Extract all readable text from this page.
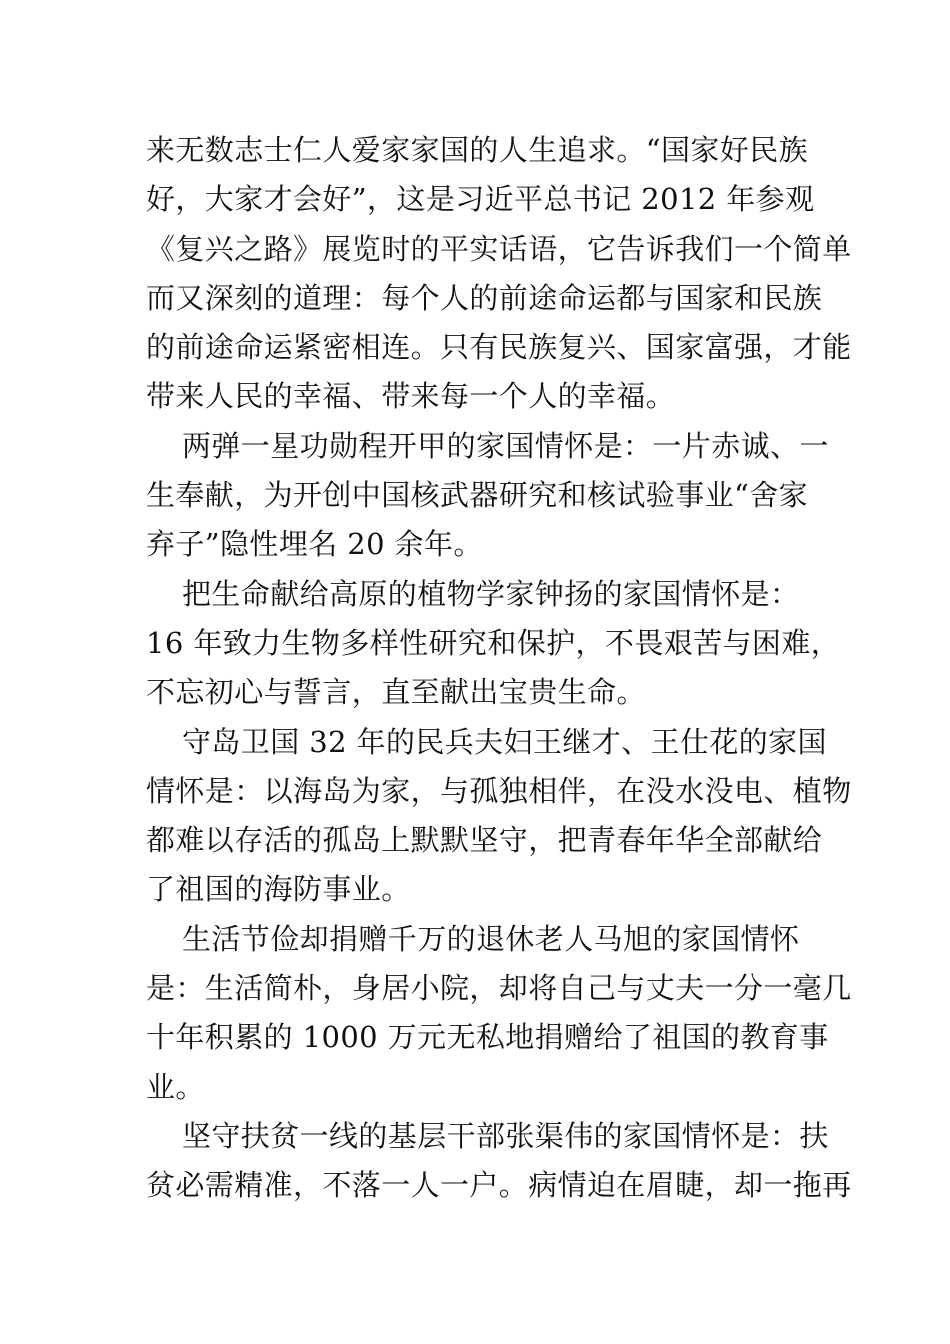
来无数志士仁人爱家家国的人生追求。“国家好民族
好，大家才会好”，这是习近平总书记 2012 年参观
《复兴之路》展览时的平实话语，它告诉我们一个简单
而又深刻的道理：每个人的前途命运都与国家和民族
的前途命运紧密相连。只有民族复兴、国家富强，才能
带来人民的幸福、带来每一个人的幸福。
两弹一星功勋程开甲的家国情怀是：一片赤诚、一
生奉献，为开创中国核武器研究和核试验事业“舍家
弃子”隐性埋名 20 余年。
把生命献给高原的植物学家钟扬的家国情怀是：
16 年致力生物多样性研究和保护，不畏艰苦与困难，
不忘初心与誓言，直至献出宝贵生命。
守岛卫国 32 年的民兵夫妇王继才、王仕花的家国
情怀是：以海岛为家，与孤独相伴，在没水没电、植物
都难以存活的孤岛上默默坚守，把青春年华全部献给
了祖国的海防事业。
生活节俭却捐赠千万的退休老人马旭的家国情怀
是：生活简朴，身居小院，却将自己与丈夫一分一毫几
十年积累的 1000 万元无私地捐赠给了祖国的教育事
业。
坚守扶贫一线的基层干部张渠伟的家国情怀是：扶
贫必需精准，不落一人一户。病情迫在眉睫，却一拖再
